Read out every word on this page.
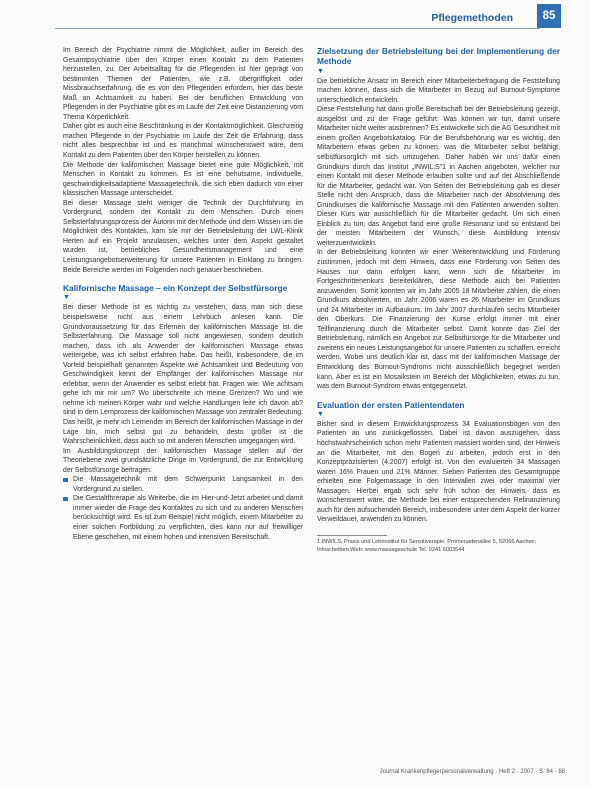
Pflegemethoden	85

Im Bereich der Psychiatrie nimmt die Möglichkeit, außer im Bereich des Gesamtpsychiatrie über den Körper einen Kontakt zu dem Patienten herzustellen, zu. Der Arbeitsalltag für die Pflegenden ist hier geprägt von bestimmten Themen der Patienten, wie z.B. übergriffigkeit oder Missbrauchserfahrung, die es von den Pflegenden erfordern, hier das beste Maß an Achtsamkeit zu haben. Bei der beruflichen Entwicklung von Pflegenden in der Psychiatrie gibt es im Laufe der Zeit eine Distanzierung vom Thema Körperlichkeit.

Daher gibt es auch eine Beschränkung in der Kontaktmöglichkeit. Gleichzeitig machen Pflegende in der Psychiatrie im Laufe der Zeit die Erfahrung, dass nicht alles besprechbar ist und es manchmal wünschenswert wäre, dem Kontakt zu dem Patienten über den Körper herstellen zu können.

Die Methode der kalifornischen Massage bietet eine gute Möglichkeit, mit Menschen in Kontakt zu kommen. Es ist eine behutsame, individuelle, geschwindigkeitsadaptierte Massagetechnik, die sich eben dadurch von einer klassischen Massage unterscheidet.

Bei dieser Massage steht weniger die Technik der Durchführung im Vordergrund, sondern der Kontakt zu dem Menschen. Durch einen Selbsterfahrungsprozess der Autorin mit der Methode und dem Wissen um die Möglichkeit des Kontaktes, kam sie mit der Betriebsleitung der LWL-Klinik Herten auf ein Projekt anzulassen, welches unter dem Aspekt gestaltet wurden ist, betriebliches Gesundheitsmanagement und eine Leistungsangebotserweiterung für unsere Patienten in Einklang zu bringen. Beide Bereiche werden im Folgenden noch genauer beschrieben.

Kalifornische Massage – ein Konzept der Selbstfürsorge
▼

Bei dieser Methode ist es wichtig zu verstehen, dass man sich diese beispielsweise nicht aus einem Lehrbuch anlesen kann. Die Grundvoraussetzung für das Erlernen der kalifornischen Massage ist die Selbsterfahrung. Die Massage soll nicht angewiesen, sondern deutlich machen, dass ich als Anwender der kalifornischen Massage etwas weitergebe, was ich selbst erfahren habe. Das heißt, insbesondere, die im Vorfeld beispielhaft genannten Aspekte wie Achtsamkeit und Bedeutung von Geschwindigkeit kennt der Empfänger der kalifornischen Massage nur erlebbar, wenn der Anwender es selbst erlebt hat. Fragen wie: Wie achtsam gehe ich mir mir um? Wo überschreite ich meine Grenzen? Wo und wie nehme ich meinen Körper wahr und welche Handlungen leite ich davon ab? sind in dem Lernprozess der kalifornischen Massage von zentraler Bedeutung. Das heißt, je mehr ich Lernender im Bereich der kalifornischen Massage in der Lage bin, mich selbst gut zu behandeln, desto größer ist die Wahrscheinlichkeit, dass auch so mit anderen Menschen umgegangen wird.

Im Ausbildungskonzept der kalifornischen Massage stellen auf der Theoriebene zwei grundsätzliche Dinge im Vordergrund, die zur Entwicklung der Selbstfürsorge beitragen:

Die Massagetechnik mit dem Schwerpunkt Langsamkeit in den Vordergrund zu stellen.
Die Gestaltfhrerapie als Weiterbe, die im Hier-und-Jetzt arbeitet und damit immer wieder die Frage des Kontaktes zu sich und zu anderen Menschen berücksichtigt wird. Es ist zum Beispiel nicht möglich, einem Mitarbeiter zu einer solchen Fortbildung zu verpflichten, dies kann nur auf freiwilliger Ebene geschehen, mit einem hohen und intensiven Bereitschaft.
Zielsetzung der Betriebsleitung bei der Implementierung der Methode
▼

Die betriebliche Ansatz im Bereich einer Mitarbeiterbefragung die Feststellung machen können, dass sich die Mitarbeiter im Bezug auf Burnout-Symptome unterschiedlich entwickeln.

Diese Feststellung hat dann große Bereitschaft bei der Betriebsleitung gezeigt, ausgelöst und zu der Frage geführt: Was können wir tun, damit unsere Mitarbeiter nicht weiter ausbrennen? Es entwickelte sich die AG Gesundheit mit einem großen Angebotskatalog. Für die Berufsbehörung war es wichtig, den Mitarbeitern etwas geben zu können, was die Mitarbeiter selbst befähigt, selbstfürsorglich mit sich umzugehen. Daher haben wir uns dafür einen Grundkurs durch das Institut „INWIL.S"1 in Aachen angeboten, welcher nur einen Kontakt mit dieser Methode erlauben sollte und auf der Abschließende für die Mitarbeiter, gedacht war. Von Seiten der Betriebsleitung gab es dieser Stelle nicht den Anspruch, dass die Mitarbeiter nach der Absolvierung des Grundkurses die kalifornische Massage mit den Patienten anwenden sollten. Dieser Kurs war ausschließlich für die Mitarbeiter gedacht. Um sich einen Einblick zu tun, das Angebot fand eine große Resonanz und so entstand bei der meisten Mitarbeitern der Wunsch, diese Ausbildung intensiv weiterzuentwickeln.

In der Betriebsleitung konnten wir einer Weiterentwicklung und Förderung zustimmen, jedoch mit dem Hinweis, dass eine Förderung von Seiten des Hauses nur dann erfolgen kann, wenn sich die Mitarbeiter im Fortgeschrittenenkurs bereiterklären, diese Methode auch bei Patienten anzuwenden. Somit konnten wir im Jahr 2005 18 Mitarbeiter zählen, die einen Grundkurs absolvierten, im Jahr 2006 waren es 26 Mitarbeiter im Grundkurs und 24 Mitarbeiter im Aufbaukurs. Im Jahr 2007 durchlaufen sechs Mitarbeiter den Oberkurs. Die Finanzierung der Kurse erfolgt immer mit einer Teilfinanzierung durch die Mitarbeiter selbst. Damit konnte das Ziel der Betriebsleitung, nämlich ein Angebot zur Selbstfürsorge für die Mitarbeiter und zweitens ein neues Leistungsangebot für unsere Patienten zu schaffen, erreicht werden. Wobei uns deutlich klar ist, dass mit der kalifornischen Massage der Entwicklung des Burnout-Syndroms nicht ausschließlich begegnet werden kann. Aber es ist ein Mosaikstein im Bereich der Möglichkeiten, etwas zu tun, was dem Burnout-Syndrom etwas entgegensetzt.

Evaluation der ersten Patientendaten
▼

Bisher sind in diesem Entwicklungsprozess 34 Evaluationsbögen von den Patienten an uns zurückgeflossen. Dabei ist davon auszugehen, dass höchstwahrscheinlich schon mehr Patienten massiert worden sind, der Hinweis an die Mitarbeiter, mit den Bogen zu arbeiten, jedoch erst in den Konzeptpräzisierten (4.2007) erfolgt ist. Von den evaluierten 34 Massagen waren 16% Frauen und 21% Männer. Sieben Patienten des Gesamtgruppe erhielten eine Folgemassage in den Intervallen zwei oder maximal vier Massagen. Hierbei ergab sich sehr früh schon der Hinweis, dass es wünschenswert wäre, die Methode bei einer entsprechenden Refinanzierung auch für den aufsuchenden Bereich, insbesondere unter dem Aspekt der kürzer Verweildauer, anwenden zu können.

1 INWILS, Praxis und Lehrinstitut für Sensitiverapie, Promenadenallee 5, 52066 Aachen; Infoscheiben Web: www.massageschule Tel. 0241 6003544
Journal Krankenpflegerpersonalverwaltung · Heft 2 · 2007 · S. 84 - 88
